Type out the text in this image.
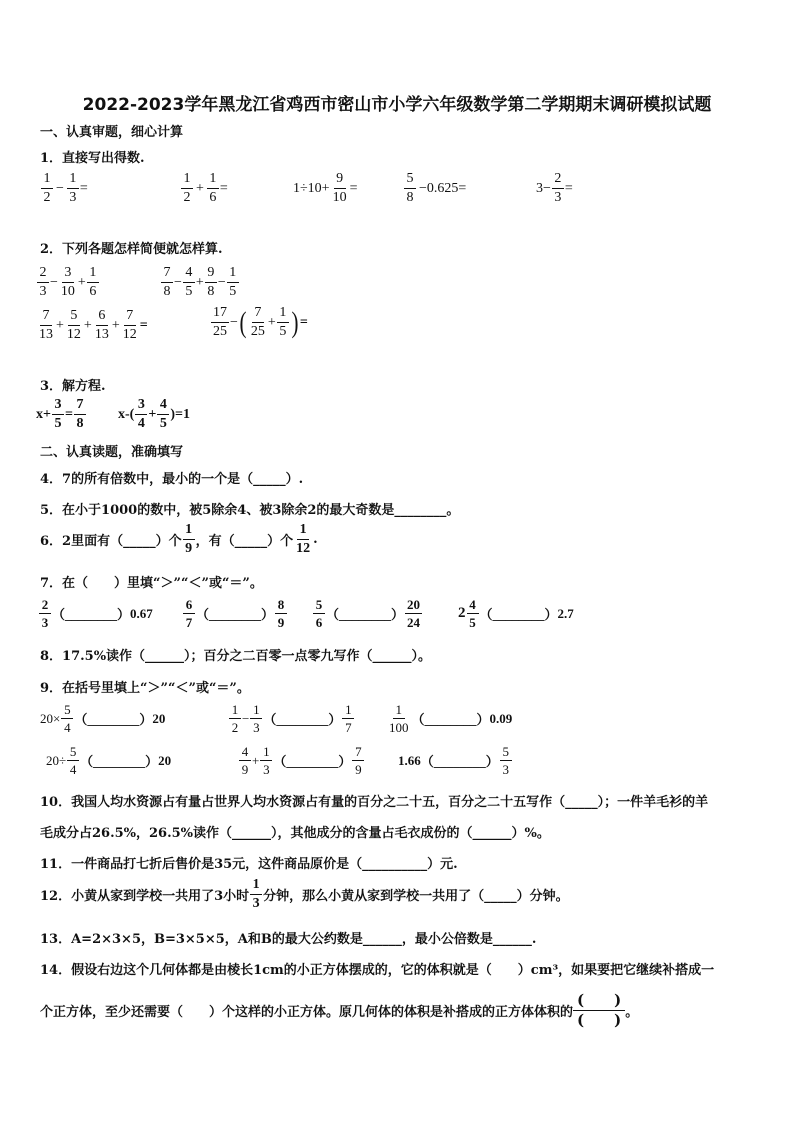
2022-2023学年黑龙江省鸡西市密山市小学六年级数学第二学期期末调研模拟试题
一、认真审题，细心计算
1．直接写出得数.
$\frac{1}{2} - \frac{1}{3}$ =	$\frac{1}{2} + \frac{1}{6}$ =	$1\div 10+ \frac{9}{10}$ =	$\frac{5}{8} -0.625=$	$3- \frac{2}{3}$ =
2．下列各题怎样简便就怎样算.
$\frac{2}{3} - \frac{3}{10} + \frac{1}{6}$	$\frac{7}{8} - \frac{4}{5} + \frac{9}{8} - \frac{1}{5}$
$\frac{7}{13} + \frac{5}{12} + \frac{6}{13} + \frac{7}{12}$ =	$\frac{17}{25}$ − ( $\frac{7}{25} + \frac{1}{5}$ ) =
3．解方程.
$x+ \frac{3}{5} = \frac{7}{8} x-( \frac{3}{4} + \frac{4}{5} )=1$
二、认真读题，准确填写
4．7的所有倍数中，最小的一个是（_____）.
5．在小于1000的数中，被5除余4、被3除余2的最大奇数是________。
6．2里面有（_____）个 $\frac{1}{9}$ ，有（_____）个 $\frac{1}{12}$ .
7．在（　　）里填“＞”“＜”或“＝”。
$\frac{2}{3}$ （________） $0.67 \frac{6}{7}$ （________） $\frac{8}{9} \frac{5}{6}$ （________） $\frac{20}{24} 2 \frac{4}{5}$ （________） 2.7
8．17.5%读作（______）；百分之二百零一点零九写作（______）。
9．在括号里填上“＞”“＜”或“＝”。
$20\times \frac{5}{4}$ （________） 20	$\frac{1}{2} - \frac{1}{3}$ （________） $\frac{1}{7}$	$\frac{1}{100}$ （________） 0.09
$20\div \frac{5}{4}$ （________） 20	$\frac{4}{9} + \frac{1}{3}$ （________） $\frac{7}{9}$	1.66 （________） $\frac{5}{3}$
10．我国人均水资源占有量占世界人均水资源占有量的百分之二十五，百分之二十五写作（_____）；一件羊毛衫的羊
毛成分占26.5%，26.5%读作（______），其他成分的含量占毛衣成份的（______）%。
11．一件商品打七折后售价是35元，这件商品原价是（__________）元.
12．小黄从家到学校一共用了3小时 $\frac{1}{3}$ 分钟，那么小黄从家到学校一共用了（_____）分钟。
13．A=2×3×5，B=3×5×5，A和B的最大公约数是______，最小公倍数是______.
14．假设右边这个几何体都是由棱长1cm的小正方体摆成的，它的体积就是（　　）cm³，如果要把它继续补搭成一
个正方体，至少还需要（　　）个这样的小正方体。原几何体的体积是补搭成的正方体体积的
(　　)
(　　) 。
